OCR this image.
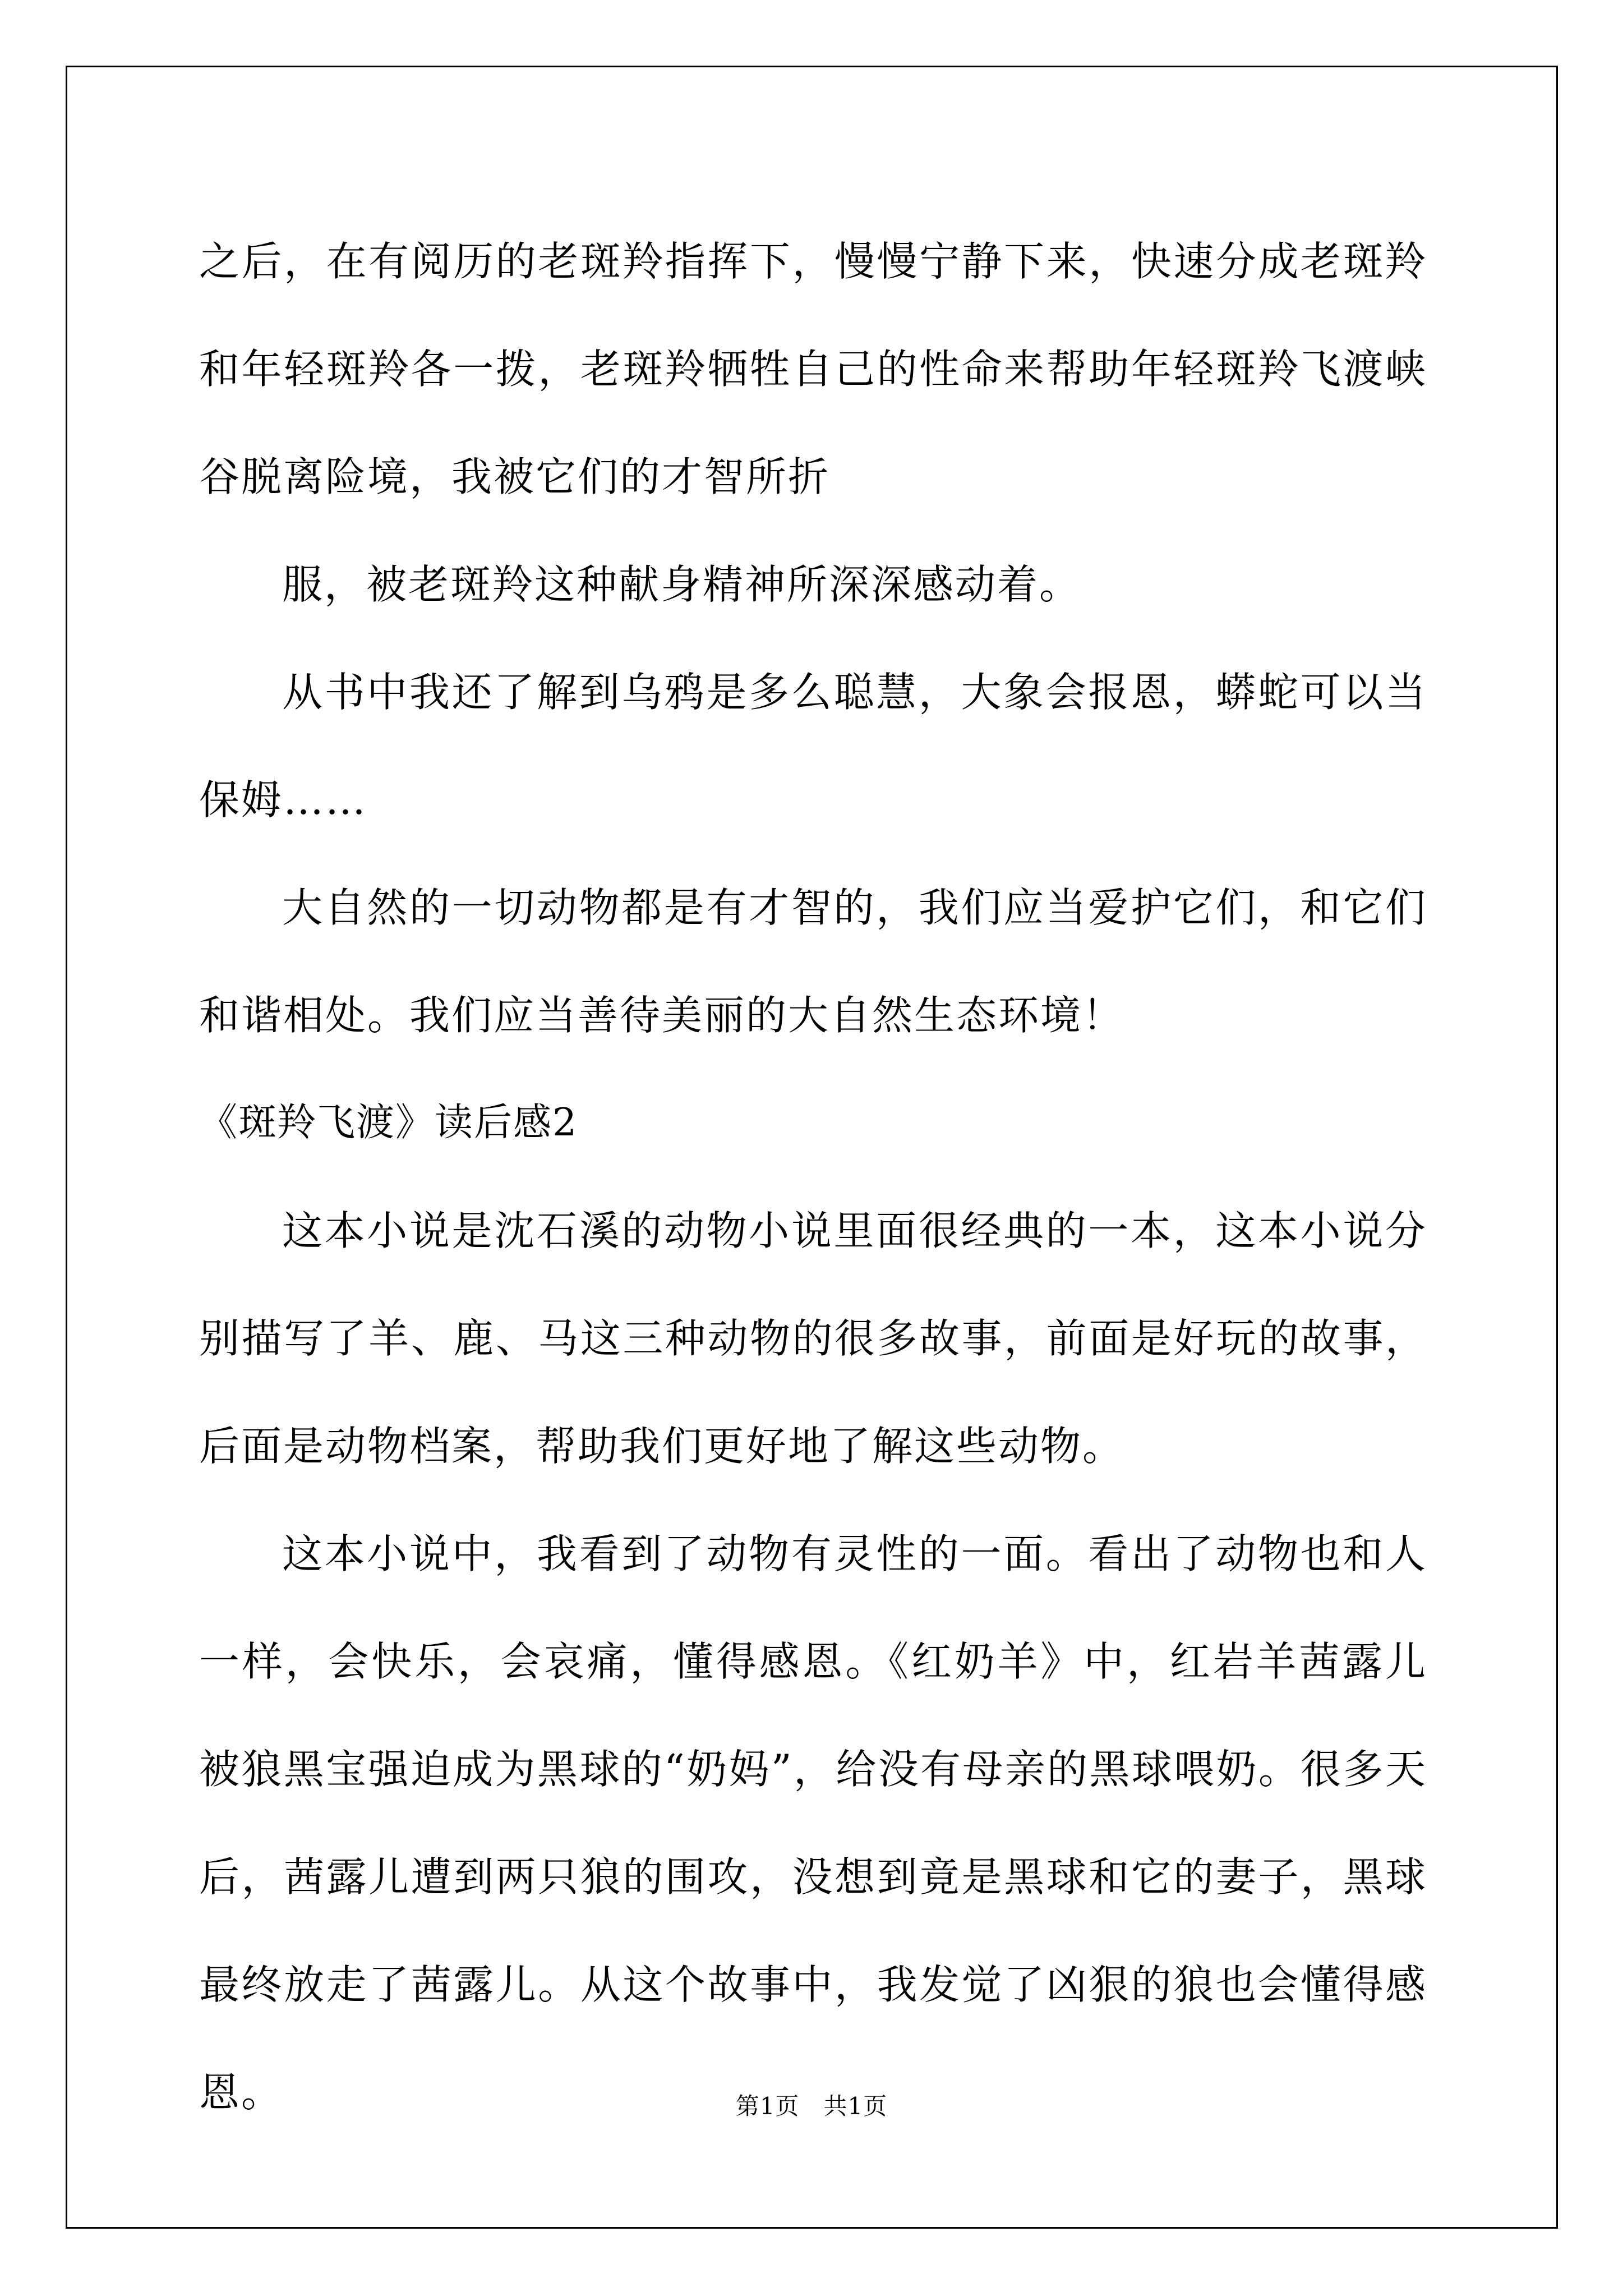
之后，在有阅历的老斑羚指挥下，慢慢宁静下来，快速分成老斑羚和年轻斑羚各一拨，老斑羚牺牲自己的性命来帮助年轻斑羚飞渡峡谷脱离险境，我被它们的才智所折

服，被老斑羚这种献身精神所深深感动着。

从书中我还了解到乌鸦是多么聪慧，大象会报恩，蟒蛇可以当保姆……

大自然的一切动物都是有才智的，我们应当爱护它们，和它们和谐相处。我们应当善待美丽的大自然生态环境！

《斑羚飞渡》读后感2

这本小说是沈石溪的动物小说里面很经典的一本，这本小说分别描写了羊、鹿、马这三种动物的很多故事，前面是好玩的故事，后面是动物档案，帮助我们更好地了解这些动物。

这本小说中，我看到了动物有灵性的一面。看出了动物也和人一样，会快乐，会哀痛，懂得感恩。《红奶羊》中，红岩羊茜露儿被狼黑宝强迫成为黑球的“奶妈”，给没有母亲的黑球喂奶。很多天后，茜露儿遭到两只狼的围攻，没想到竟是黑球和它的妻子，黑球最终放走了茜露儿。从这个故事中，我发觉了凶狠的狼也会懂得感恩。	第1页　共1页
